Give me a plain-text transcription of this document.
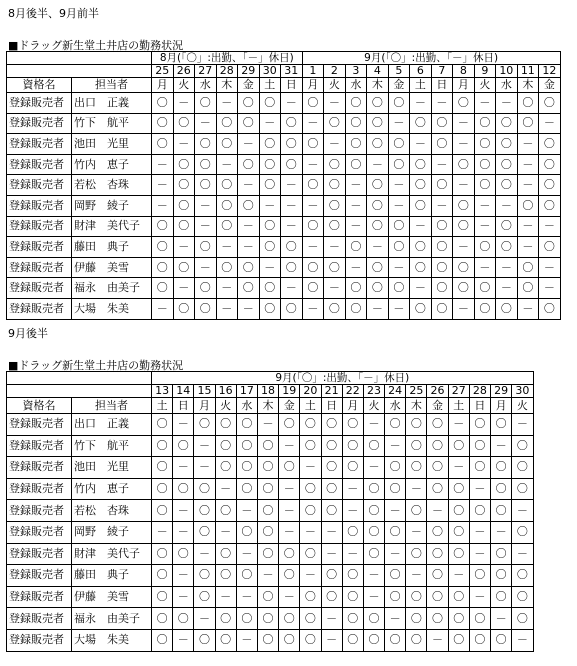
8月後半、9月前半
■ドラッグ新生堂土井店の勤務状況
		8月(「〇」:出勤、「－」休日)							9月(「〇」:出勤、「－」休日)											
		25	26	27	28	29	30	31	1	2	3	4	5	6	7	8	9	10	11	12
資格名	担当者	月	火	水	木	金	土	日	月	火	水	木	金	土	日	月	火	水	木	金
登録販売者	出口　正義	〇	－	〇	－	〇	〇	－	〇	－	〇	〇	〇	－	－	〇	－	－	〇	〇
登録販売者	竹下　航平	〇	〇	－	〇	〇	－	〇	－	〇	〇	〇	－	〇	〇	－	〇	〇	〇	－
登録販売者	池田　光里	〇	－	〇	〇	－	〇	〇	〇	－	〇	〇	〇	－	〇	－	〇	〇	－	〇
登録販売者	竹内　恵子	－	〇	〇	－	〇	〇	〇	－	〇	〇	－	〇	〇	－	〇	〇	〇	－	〇
登録販売者	若松　杏珠	－	〇	〇	〇	－	〇	－	〇	〇	－	〇	－	〇	〇	－	〇	〇	－	〇
登録販売者	岡野　綾子	－	〇	－	〇	〇	－	－	－	〇	－	〇	－	〇	－	〇	－	－	〇	〇
登録販売者	財津　美代子	〇	〇	－	〇	－	〇	－	〇	〇	－	〇	〇	－	〇	〇	－	〇	－	－
登録販売者	藤田　典子	〇	－	〇	－	－	〇	〇	－	－	〇	－	〇	〇	〇	－	〇	〇	－	〇
登録販売者	伊藤　美雪	〇	〇	－	〇	〇	－	〇	〇	〇	－	〇	－	〇	〇	〇	－	－	〇	－
登録販売者	福永　由美子	〇	－	〇	－	〇	〇	－	〇	－	〇	〇	〇	－	〇	〇	〇	－	〇	－
登録販売者	大場　朱美	－	〇	〇	－	－	〇	〇	－	〇	〇	－	－	〇	〇	－	〇	〇	－	〇
9月後半
■ドラッグ新生堂土井店の勤務状況
		9月(「〇」:出勤、「－」休日)																	
		13	14	15	16	17	18	19	20	21	22	23	24	25	26	27	28	29	30
資格名	担当者	土	日	月	火	水	木	金	土	日	月	火	水	木	金	土	日	月	火
登録販売者	出口　正義	〇	－	〇	〇	〇	－	〇	〇	〇	〇	－	〇	〇	〇	－	〇	〇	－
登録販売者	竹下　航平	〇	〇	－	〇	〇	〇	－	〇	〇	〇	〇	－	〇	〇	〇	〇	－	〇
登録販売者	池田　光里	〇	－	－	〇	〇	〇	〇	－	〇	〇	－	〇	〇	〇	－	〇	〇	〇
登録販売者	竹内　恵子	〇	〇	〇	－	〇	〇	－	〇	〇	－	〇	〇	－	〇	〇	－	〇	〇
登録販売者	若松　杏珠	〇	－	〇	〇	－	〇	－	〇	〇	－	〇	－	〇	－	〇	〇	〇	－
登録販売者	岡野　綾子	－	－	〇	－	〇	〇	－	－	－	〇	〇	〇	－	〇	〇	－	－	〇
登録販売者	財津　美代子	〇	〇	－	〇	－	〇	〇	〇	－	－	〇	－	〇	〇	〇	－	〇	－
登録販売者	藤田　典子	〇	－	〇	〇	〇	－	〇	－	〇	〇	－	〇	－	〇	－	〇	〇	〇
登録販売者	伊藤　美雪	〇	－	〇	－	－	〇	－	〇	〇	〇	－	〇	〇	〇	〇	－	〇	〇
登録販売者	福永　由美子	〇	〇	－	〇	〇	〇	〇	〇	－	〇	〇	－	〇	〇	〇	〇	－	〇
登録販売者	大場　朱美	〇	－	〇	〇	－	〇	〇	〇	－	〇	〇	〇	〇	－	〇	〇	〇	－
